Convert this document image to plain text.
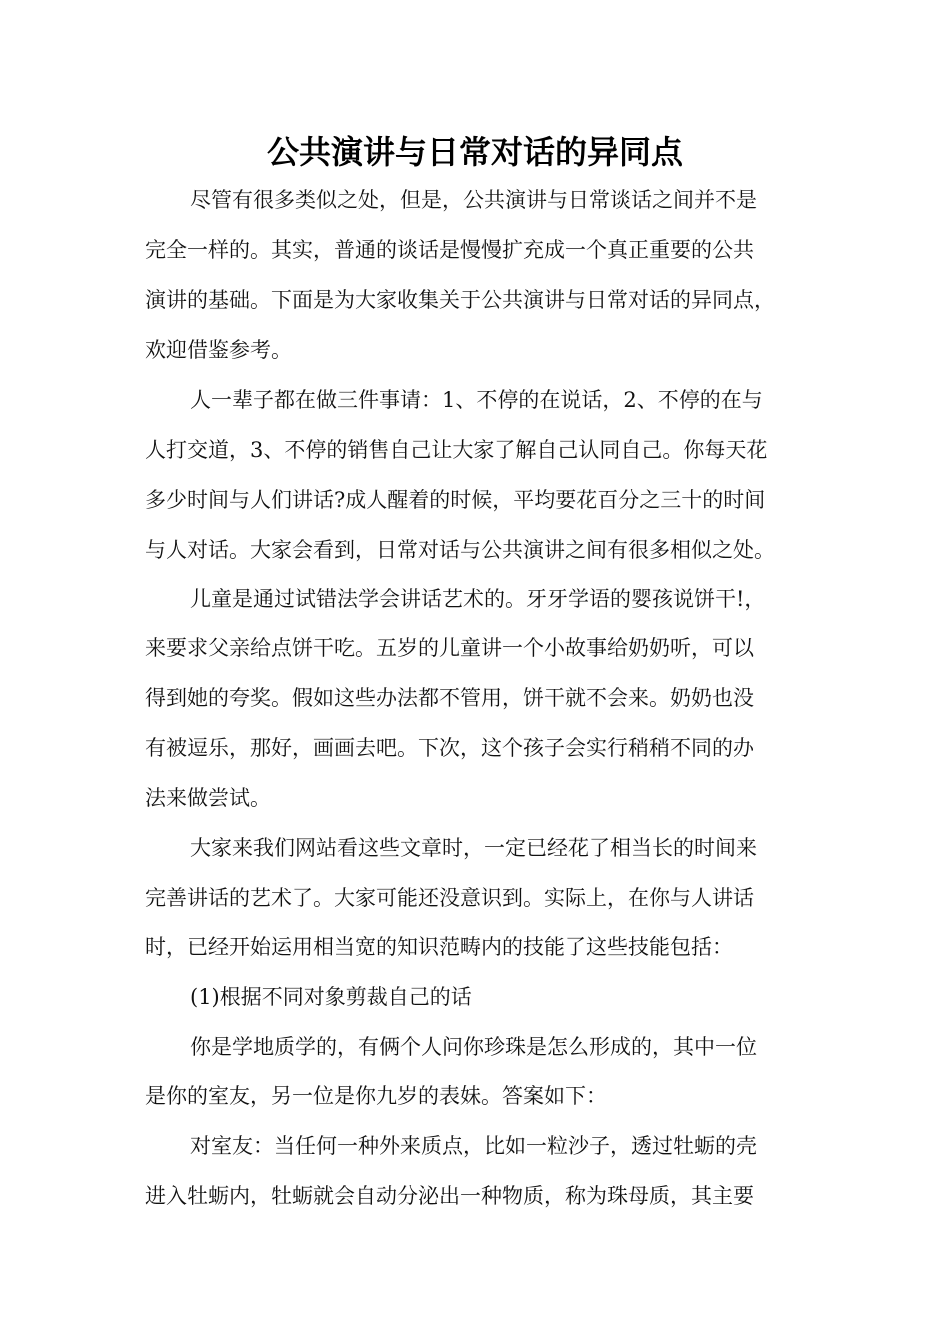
公共演讲与日常对话的异同点
尽管有很多类似之处，但是，公共演讲与日常谈话之间并不是
完全一样的。其实，普通的谈话是慢慢扩充成一个真正重要的公共
演讲的基础。下面是为大家收集关于公共演讲与日常对话的异同点，
欢迎借鉴参考。
人一辈子都在做三件事请：1、不停的在说话，2、不停的在与
人打交道，3、不停的销售自己让大家了解自己认同自己。你每天花
多少时间与人们讲话?成人醒着的时候，平均要花百分之三十的时间
与人对话。大家会看到，日常对话与公共演讲之间有很多相似之处。
儿童是通过试错法学会讲话艺术的。牙牙学语的婴孩说饼干!，
来要求父亲给点饼干吃。五岁的儿童讲一个小故事给奶奶听，可以
得到她的夸奖。假如这些办法都不管用，饼干就不会来。奶奶也没
有被逗乐，那好，画画去吧。下次，这个孩子会实行稍稍不同的办
法来做尝试。
大家来我们网站看这些文章时，一定已经花了相当长的时间来
完善讲话的艺术了。大家可能还没意识到。实际上，在你与人讲话
时，已经开始运用相当宽的知识范畴内的技能了这些技能包括：
(1)根据不同对象剪裁自己的话
你是学地质学的，有俩个人问你珍珠是怎么形成的，其中一位
是你的室友，另一位是你九岁的表妹。答案如下：
对室友：当任何一种外来质点，比如一粒沙子，透过牡蛎的壳
进入牡蛎内，牡蛎就会自动分泌出一种物质，称为珠母质，其主要
